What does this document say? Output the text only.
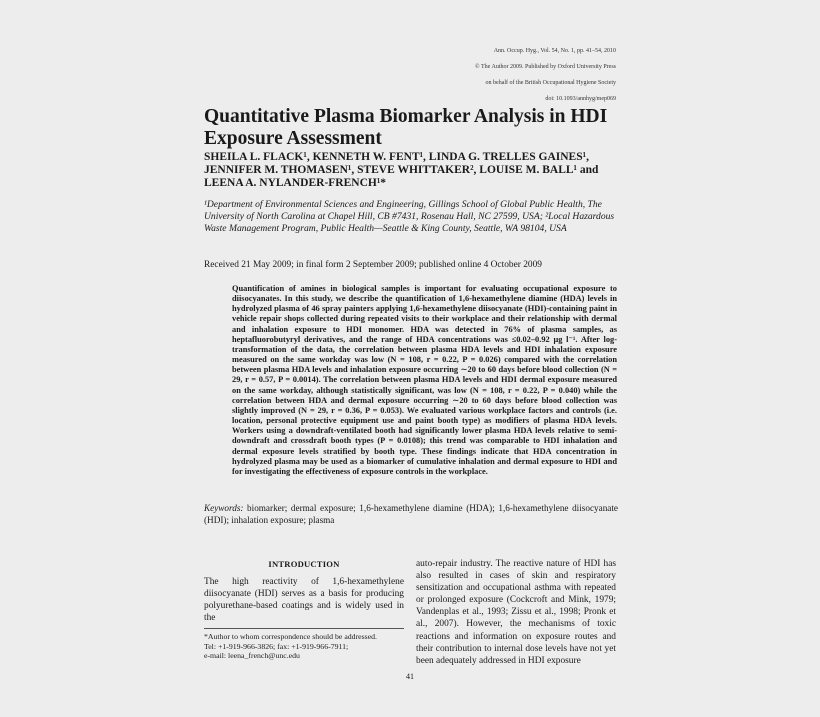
Ann. Occup. Hyg., Vol. 54, No. 1, pp. 41–54, 2010

© The Author 2009. Published by Oxford University Press

on behalf of the British Occupational Hygiene Society

doi: 10.1093/annhyg/mep069

Quantitative Plasma Biomarker Analysis in HDI Exposure Assessment

SHEILA L. FLACK¹, KENNETH W. FENT¹, LINDA G. TRELLES GAINES¹, JENNIFER M. THOMASEN¹, STEVE WHITTAKER², LOUISE M. BALL¹ and LEENA A. NYLANDER-FRENCH¹*

¹Department of Environmental Sciences and Engineering, Gillings School of Global Public Health, The University of North Carolina at Chapel Hill, CB #7431, Rosenau Hall, NC 27599, USA; ²Local Hazardous Waste Management Program, Public Health—Seattle & King County, Seattle, WA 98104, USA

Received 21 May 2009; in final form 2 September 2009; published online 4 October 2009

Quantification of amines in biological samples is important for evaluating occupational exposure to diisocyanates. In this study, we describe the quantification of 1,6-hexamethylene diamine (HDA) levels in hydrolyzed plasma of 46 spray painters applying 1,6-hexamethylene diisocyanate (HDI)-containing paint in vehicle repair shops collected during repeated visits to their workplace and their relationship with dermal and inhalation exposure to HDI monomer. HDA was detected in 76% of plasma samples, as heptafluorobutyryl derivatives, and the range of HDA concentrations was ≤0.02–0.92 μg l⁻¹. After log-transformation of the data, the correlation between plasma HDA levels and HDI inhalation exposure measured on the same workday was low (N = 108, r = 0.22, P = 0.026) compared with the correlation between plasma HDA levels and inhalation exposure occurring ∼20 to 60 days before blood collection (N = 29, r = 0.57, P = 0.0014). The correlation between plasma HDA levels and HDI dermal exposure measured on the same workday, although statistically significant, was low (N = 108, r = 0.22, P = 0.040) while the correlation between HDA and dermal exposure occurring ∼20 to 60 days before blood collection was slightly improved (N = 29, r = 0.36, P = 0.053). We evaluated various workplace factors and controls (i.e. location, personal protective equipment use and paint booth type) as modifiers of plasma HDA levels. Workers using a downdraft-ventilated booth had significantly lower plasma HDA levels relative to semi-downdraft and crossdraft booth types (P = 0.0108); this trend was comparable to HDI inhalation and dermal exposure levels stratified by booth type. These findings indicate that HDA concentration in hydrolyzed plasma may be used as a biomarker of cumulative inhalation and dermal exposure to HDI and for investigating the effectiveness of exposure controls in the workplace.

Keywords: biomarker; dermal exposure; 1,6-hexamethylene diamine (HDA); 1,6-hexamethylene diisocyanate (HDI); inhalation exposure; plasma

INTRODUCTION

The high reactivity of 1,6-hexamethylene diisocyanate (HDI) serves as a basis for producing polyurethane-based coatings and is widely used in the

*Author to whom correspondence should be addressed.
Tel: +1-919-966-3826; fax: +1-919-966-7911;
e-mail: leena_french@unc.edu

auto-repair industry. The reactive nature of HDI has also resulted in cases of skin and respiratory sensitization and occupational asthma with repeated or prolonged exposure (Cockcroft and Mink, 1979; Vandenplas et al., 1993; Zissu et al., 1998; Pronk et al., 2007). However, the mechanisms of toxic reactions and information on exposure routes and their contribution to internal dose levels have not yet been adequately addressed in HDI exposure

41
